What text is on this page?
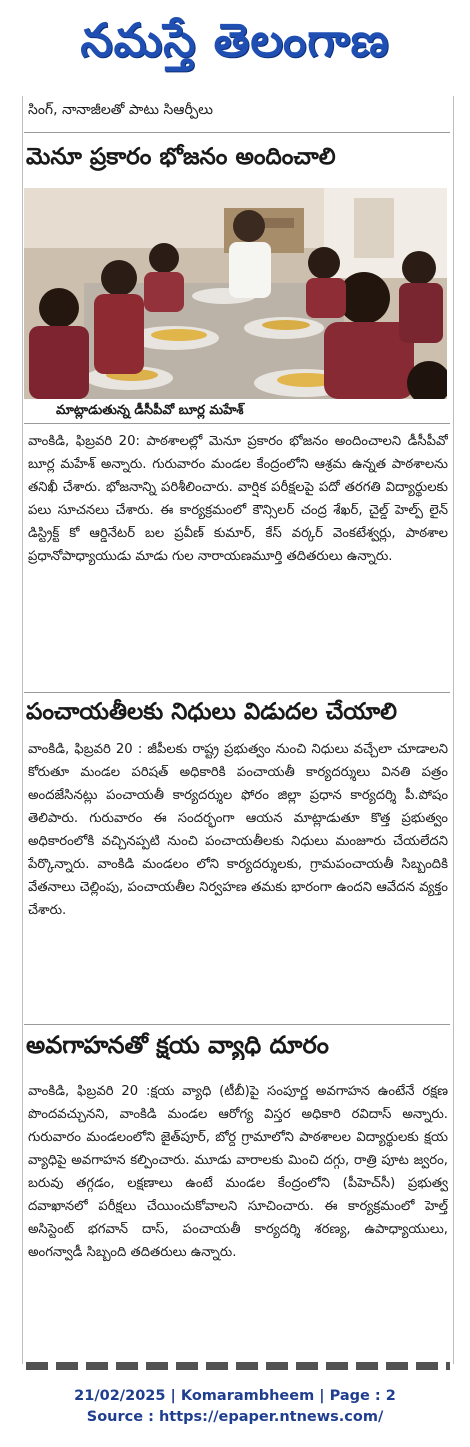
నమస్తే తెలంగాణ
సింగ్‌, నానాజీలతో పాటు సిఆర్పీలు
మెనూ ప్రకారం భోజనం అందించాలి
మాట్లాడుతున్న డీసీపీవో బూర్ల మహేశ్‌
వాంకిడి, ఫిబ్రవరి 20: పాఠశాలల్లో మెనూ ప్రకారం భోజనం అందించాలని డీసీపీవో బూర్ల మహేశ్‌ అన్నారు. గురువారం మండల కేంద్రంలోని ఆశ్రమ ఉన్నత పాఠశాలను తనిఖీ చేశారు. భోజనాన్ని పరిశీలించారు. వార్షిక పరీక్షలపై పదో తరగతి విద్యార్థులకు పలు సూచనలు చేశారు. ఈ కార్యక్రమంలో కౌన్సిలర్‌ చంద్ర శేఖర్‌, చైల్డ్‌ హెల్ప్‌ లైన్‌ డిస్ట్రిక్ట్‌ కో ఆర్డినేటర్‌ బల ప్రవీణ్‌ కుమార్‌, కేస్‌ వర్కర్‌ వెంకటేశ్వర్లు, పాఠశాల ప్రధానోపాధ్యాయుడు మాడు గుల నారాయణమూర్తి తదితరులు ఉన్నారు.
పంచాయతీలకు నిధులు విడుదల చేయాలి
వాంకిడి, ఫిబ్రవరి 20 : జీపీలకు రాష్ట్ర ప్రభుత్వం నుంచి నిధులు వచ్చేలా చూడాలని కోరుతూ మండల పరిషత్‌ అధికారికి పంచాయతీ కార్యదర్శులు వినతి పత్రం అందజేసినట్లు పంచాయతీ కార్యదర్శుల ఫోరం జిల్లా ప్రధాన కార్యదర్శి పీ.పోషం తెలిపారు. గురువారం ఈ సందర్భంగా ఆయన మాట్లాడుతూ కొత్త ప్రభుత్వం అధికారంలోకి వచ్చినప్పటి నుంచి పంచాయతీలకు నిధులు మంజూరు చేయలేదని పేర్కొన్నారు. వాంకిడి మండలం లోని కార్యదర్శులకు, గ్రామపంచాయతీ సిబ్బందికి వేతనాలు చెల్లింపు, పంచాయతీల నిర్వహణ తమకు భారంగా ఉందని ఆవేదన వ్యక్తం చేశారు.
అవగాహనతో క్షయ వ్యాధి దూరం
వాంకిడి, ఫిబ్రవరి 20 :క్షయ వ్యాధి (టీబీ)పై సంపూర్ణ అవగాహన ఉంటేనే రక్షణ పొందవచ్చునని, వాంకిడి మండల ఆరోగ్య విస్తర అధికారి రవిదాస్‌ అన్నారు. గురువారం మండలంలోని జైత్‌పూర్‌, బోర్ద గ్రామాలోని పాఠశాలల విద్యార్థులకు క్షయ వ్యాధిపై అవగాహన కల్పించారు. మూడు వారాలకు మించి దగ్గు, రాత్రి పూట జ్వరం, బరువు తగ్గడం, లక్షణాలు ఉంటే మండల కేంద్రంలోని (పీహెచ్‌సీ) ప్రభుత్వ దవాఖానలో పరీక్షలు చేయించుకోవాలని సూచించారు. ఈ కార్యక్రమంలో హెల్త్‌ అసిస్టెంట్‌ భగవాన్‌ దాస్‌, పంచాయతీ కార్యదర్శి శరణ్య, ఉపాధ్యాయులు, అంగన్వాడీ సిబ్బంది తదితరులు ఉన్నారు.
21/02/2025 | Komarambheem | Page : 2
Source : https://epaper.ntnews.com/
